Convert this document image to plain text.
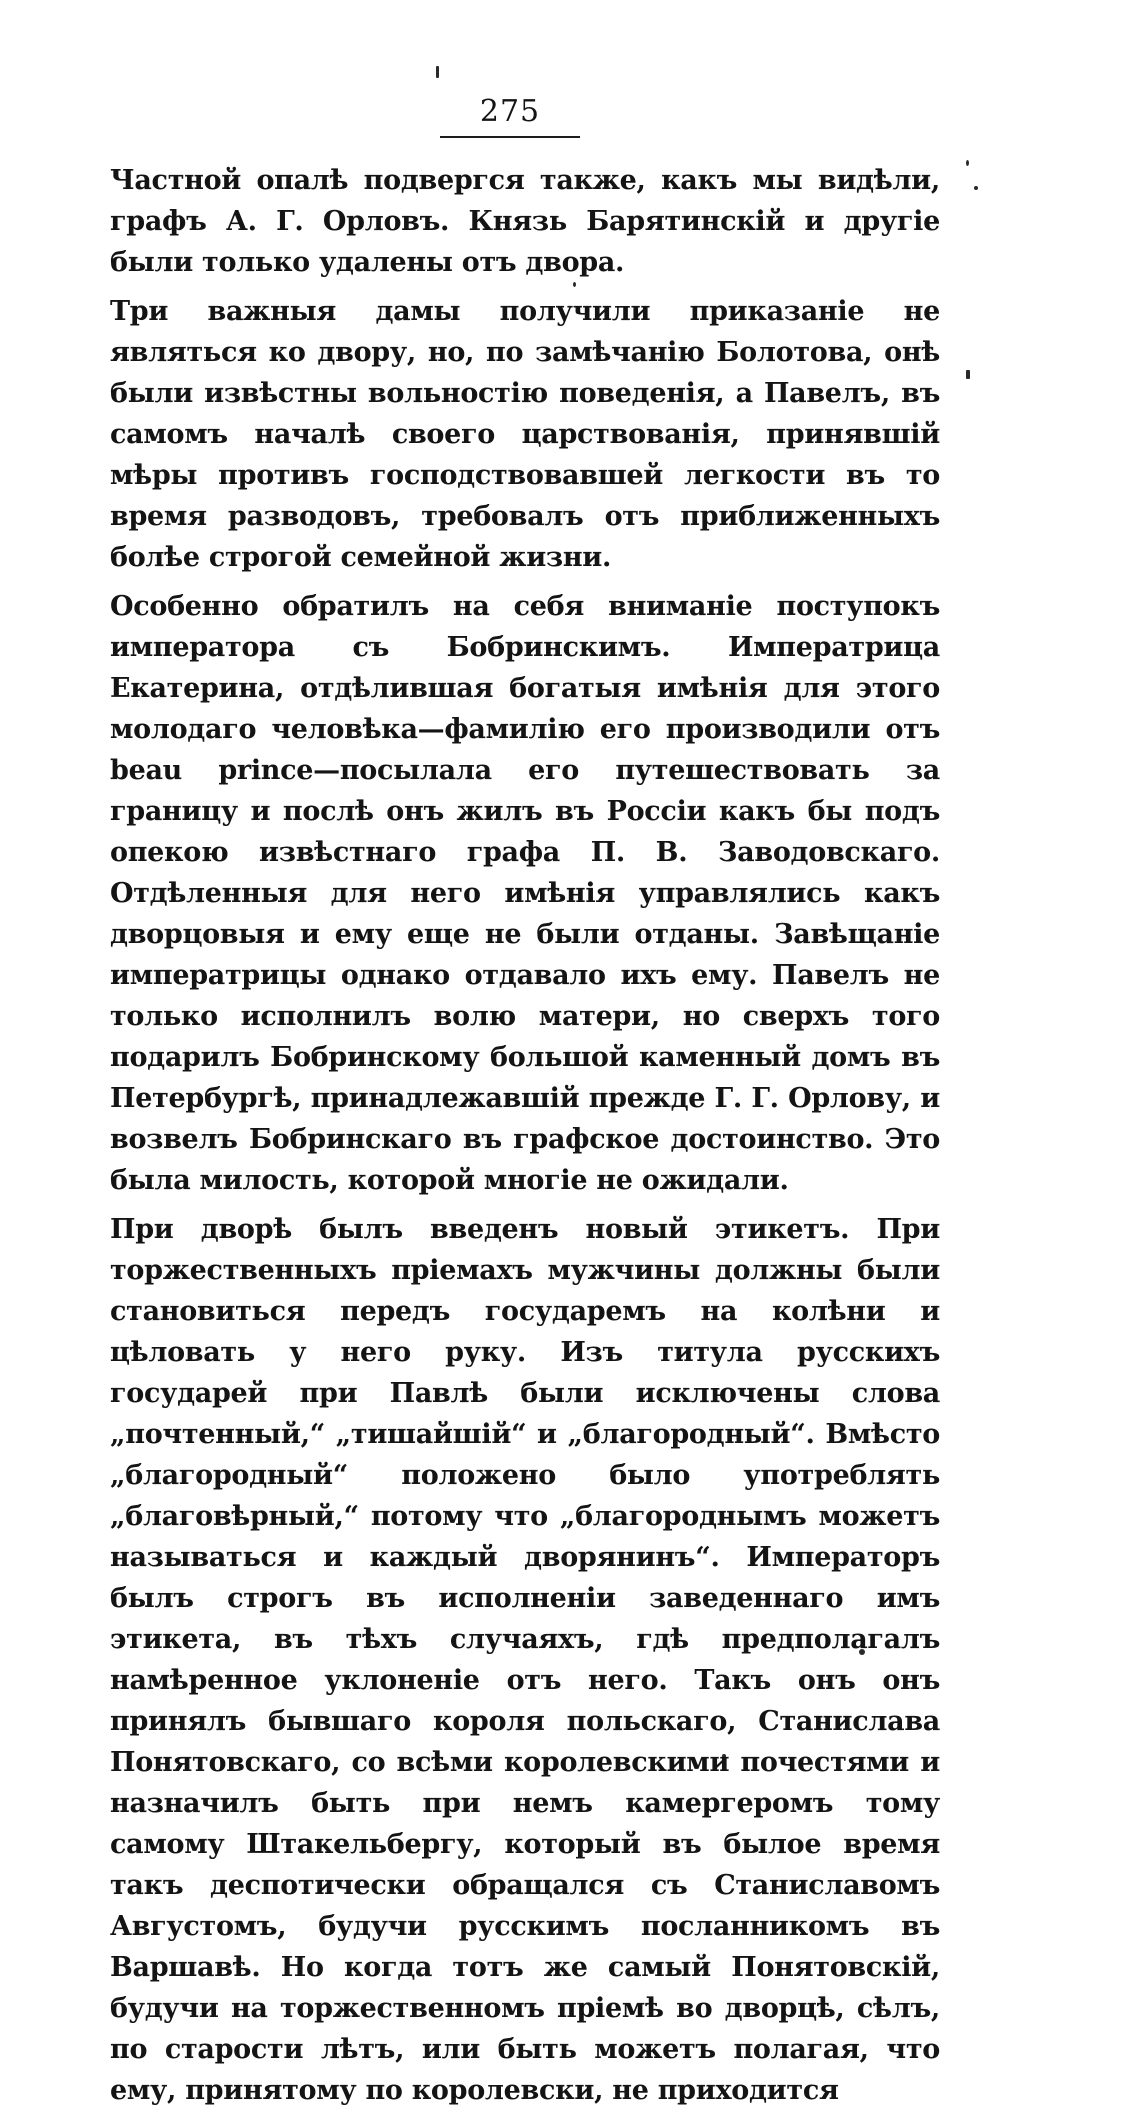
275

Частной опалѣ подвергся также, какъ мы видѣли, графъ А. Г. Орловъ. Князь Барятинскій и другіе были только удалены отъ двора.

Три важныя дамы получили приказаніе не являться ко двору, но, по замѣчанію Болотова, онѣ были извѣстны вольностію поведенія, а Павелъ, въ самомъ началѣ своего царствованія, принявшій мѣры противъ господствовавшей легкости въ то время разводовъ, требовалъ отъ приближенныхъ болѣе строгой семейной жизни.

Особенно обратилъ на себя вниманіе поступокъ императора съ Бобринскимъ. Императрица Екатерина, отдѣлившая богатыя имѣнія для этого молодаго человѣка—фамилію его производили отъ beau prince—посылала его путешествовать за границу и послѣ онъ жилъ въ Россіи какъ бы подъ опекою извѣстнаго графа П. В. Заводовскаго. Отдѣленныя для него имѣнія управлялись какъ дворцовыя и ему еще не были отданы. Завѣщаніе императрицы однако отдавало ихъ ему. Павелъ не только исполнилъ волю матери, но сверхъ того подарилъ Бобринскому большой каменный домъ въ Петербургѣ, принадлежавшій прежде Г. Г. Орлову, и возвелъ Бобринскаго въ графское достоинство. Это была милость, которой многіе не ожидали.

При дворѣ былъ введенъ новый этикетъ. При торжественныхъ пріемахъ мужчины должны были становиться передъ государемъ на колѣни и цѣловать у него руку. Изъ титула русскихъ государей при Павлѣ были исключены слова „почтенный,“ „тишайшій“ и „благородный“. Вмѣсто „благородный“ положено было употреблять „благовѣрный,“ потому что „благороднымъ можетъ называться и каждый дворянинъ“. Императоръ былъ строгъ въ исполненіи заведеннаго имъ этикета, въ тѣхъ случаяхъ, гдѣ предполагалъ намѣренное уклоненіе отъ него. Такъ онъ онъ принялъ бывшаго короля польскаго, Станислава Понятовскаго, со всѣми королевскими почестями и назначилъ быть при немъ камергеромъ тому самому Штакельбергу, который въ былое время такъ деспотически обращался съ Станиславомъ Августомъ, будучи русскимъ посланникомъ въ Варшавѣ. Но когда тотъ же самый Понятовскій, будучи на торжественномъ пріемѣ во дворцѣ, сѣлъ, по старости лѣтъ, или быть можетъ полагая, что ему, принятому по королевски, не приходится
